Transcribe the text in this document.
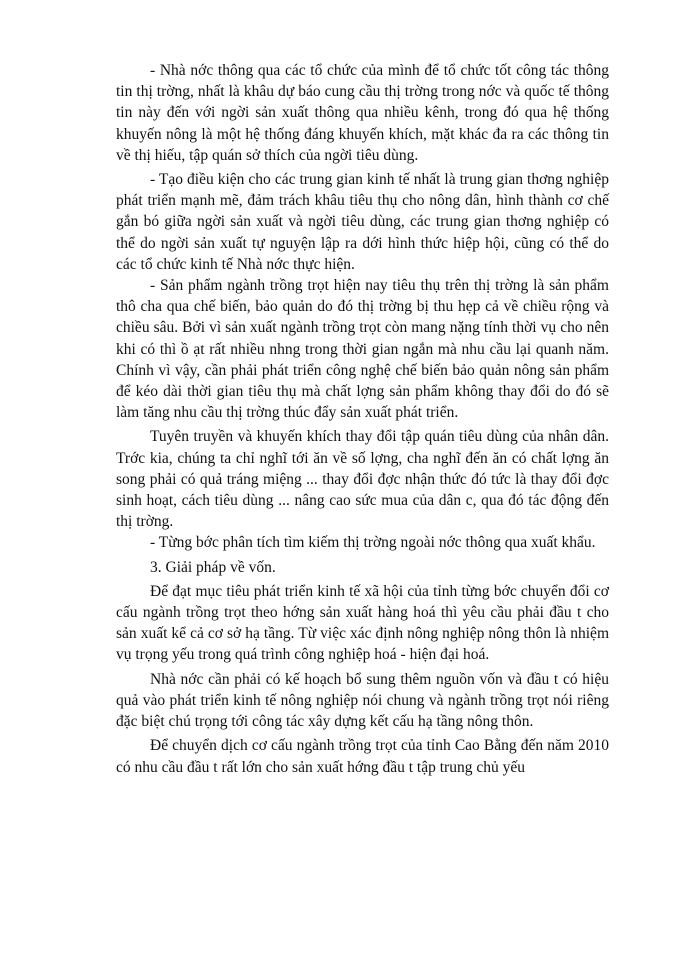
- Nhà nớc thông qua các tổ chức của mình để tổ chức tốt công tác thông tin thị trờng, nhất là khâu dự báo cung cầu thị trờng trong nớc và quốc tế thông tin này đến với ngời sản xuất thông qua nhiều kênh, trong đó qua hệ thống khuyến nông là một hệ thống đáng khuyến khích, mặt khác đa ra các thông tin về thị hiếu, tập quán sở thích của ngời tiêu dùng.

- Tạo điều kiện cho các trung gian kinh tế nhất là trung gian thơng nghiệp phát triển mạnh mẽ, đảm trách khâu tiêu thụ cho nông dân, hình thành cơ chế gắn bó giữa ngời sản xuất và ngời tiêu dùng, các trung gian thơng nghiệp có thể do ngời sản xuất tự nguyện lập ra dới hình thức hiệp hội, cũng có thể do các tổ chức kinh tế Nhà nớc thực hiện.

- Sản phẩm ngành trồng trọt hiện nay tiêu thụ trên thị trờng là sản phẩm thô cha qua chế biến, bảo quản do đó thị trờng bị thu hẹp cả về chiều rộng và chiều sâu. Bởi vì sản xuất ngành trồng trọt còn mang nặng tính thời vụ cho nên khi có thì ồ ạt rất nhiều nhng trong thời gian ngắn mà nhu cầu lại quanh năm. Chính vì vậy, cần phải phát triển công nghệ chế biến bảo quản nông sản phẩm để kéo dài thời gian tiêu thụ mà chất lợng sản phẩm không thay đổi do đó sẽ làm tăng nhu cầu thị trờng thúc đẩy sản xuất phát triển.

Tuyên truyền và khuyến khích thay đổi tập quán tiêu dùng của nhân dân. Trớc kia, chúng ta chỉ nghĩ tới ăn về số lợng, cha nghĩ đến ăn có chất lợng ăn song phải có quả tráng miệng ... thay đổi đợc nhận thức đó tức là thay đổi đợc sinh hoạt, cách tiêu dùng ... nâng cao sức mua của dân c, qua đó tác động đến thị trờng.

- Từng bớc phân tích tìm kiếm thị trờng ngoài nớc thông qua xuất khẩu.

3. Giải pháp về vốn.

Để đạt mục tiêu phát triển kinh tế xã hội của tỉnh từng bớc chuyển đổi cơ cấu ngành trồng trọt theo hớng sản xuất hàng hoá thì yêu cầu phải đầu t cho sản xuất kể cả cơ sở hạ tầng. Từ việc xác định nông nghiệp nông thôn là nhiệm vụ trọng yếu trong quá trình công nghiệp hoá - hiện đại hoá.

Nhà nớc cần phải có kế hoạch bổ sung thêm nguồn vốn và đầu t có hiệu quả vào phát triển kinh tế nông nghiệp nói chung và ngành trồng trọt nói riêng đặc biệt chú trọng tới công tác xây dựng kết cấu hạ tầng nông thôn.

Để chuyển dịch cơ cấu ngành trồng trọt của tỉnh Cao Bằng đến năm 2010 có nhu cầu đầu t rất lớn cho sản xuất hớng đầu t tập trung chủ yếu
